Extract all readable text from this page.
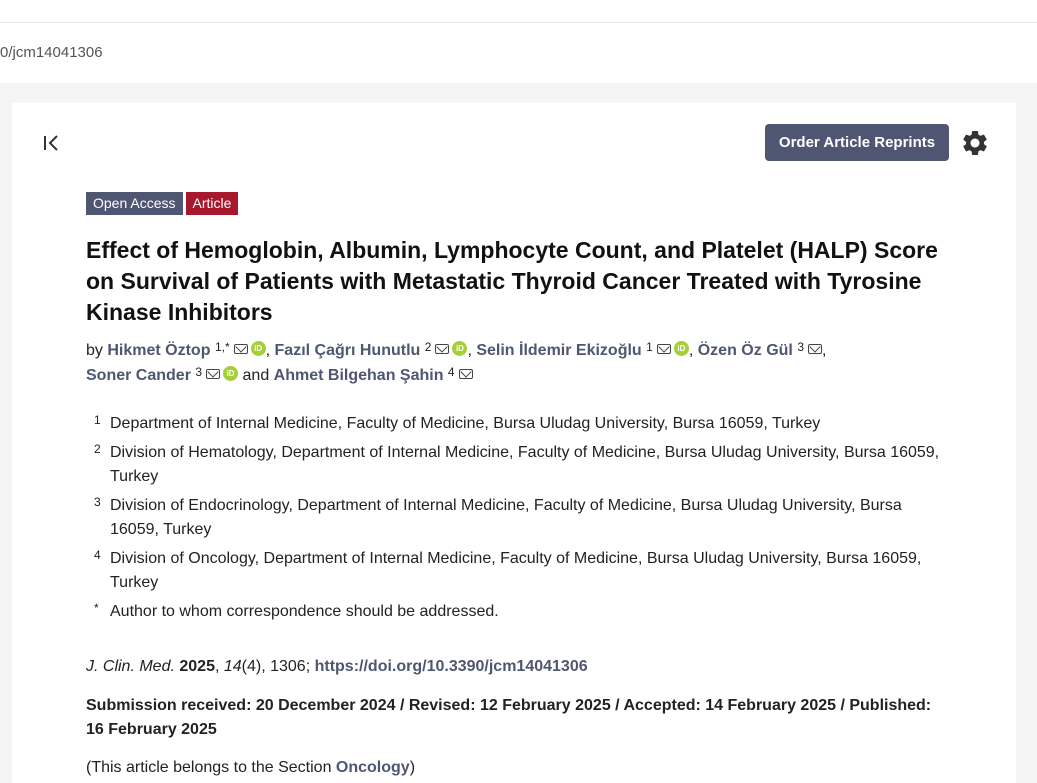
0/jcm14041306
Order Article Reprints
Open Access Article
Effect of Hemoglobin, Albumin, Lymphocyte Count, and Platelet (HALP) Score on Survival of Patients with Metastatic Thyroid Cancer Treated with Tyrosine Kinase Inhibitors
by Hikmet Öztop $^{1,*}$	iD , Fazıl Çağrı Hunutlu $^2$	iD , Selin İldemir Ekizoğlu $^1$	iD , Özen Öz Gül $^3$ ,
Soner Cander $^3$	iD and Ahmet Bilgehan Şahin $^4$
1 Department of Internal Medicine, Faculty of Medicine, Bursa Uludag University, Bursa 16059, Turkey
2 Division of Hematology, Department of Internal Medicine, Faculty of Medicine, Bursa Uludag University, Bursa 16059, Turkey
3 Division of Endocrinology, Department of Internal Medicine, Faculty of Medicine, Bursa Uludag University, Bursa 16059, Turkey
4 Division of Oncology, Department of Internal Medicine, Faculty of Medicine, Bursa Uludag University, Bursa 16059, Turkey
* Author to whom correspondence should be addressed.
J. Clin. Med. 2025, 14(4), 1306; https://doi.org/10.3390/jcm14041306
Submission received: 20 December 2024 / Revised: 12 February 2025 / Accepted: 14 February 2025 / Published: 16 February 2025
(This article belongs to the Section Oncology)
